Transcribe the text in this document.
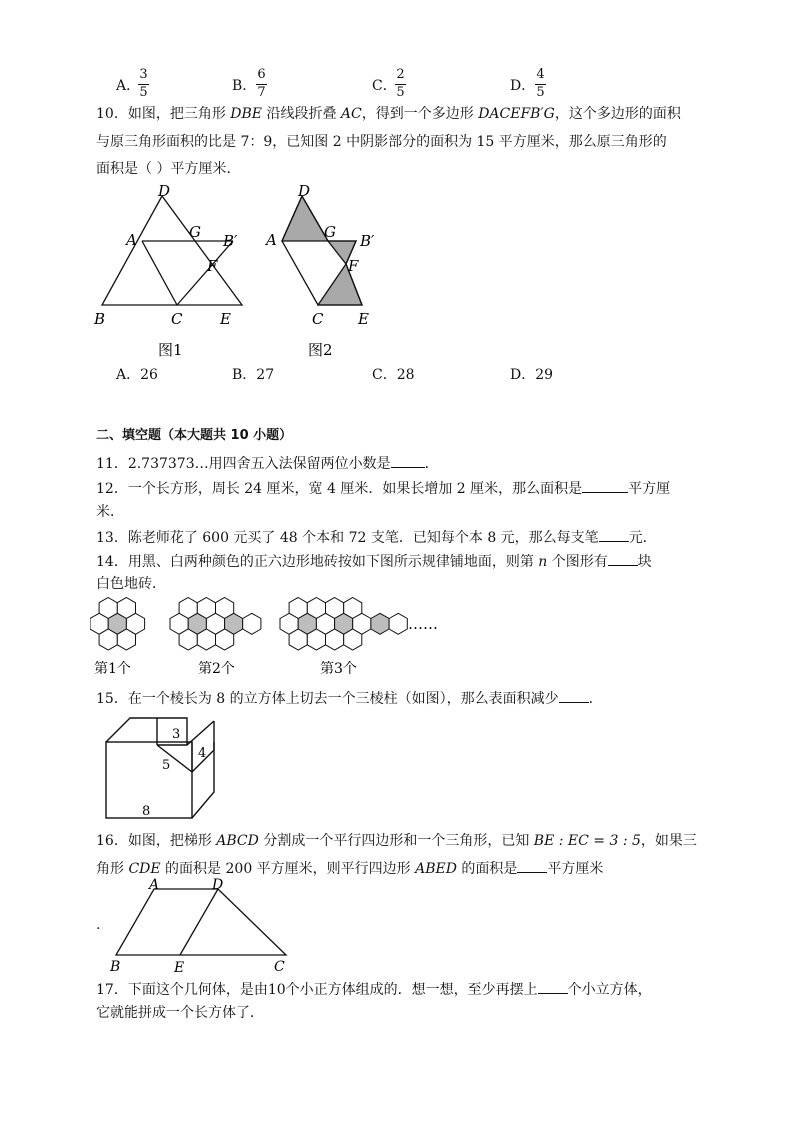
A．
3
5	B．
6
7	C．
2
5	D．
4
5
10．如图，把三角形 DBE 沿线段折叠 AC，得到一个多边形 DACEFB′G，这个多边形的面积
与原三角形面积的比是 7：9，已知图 2 中阴影部分的面积为 15 平方厘米，那么原三角形的
面积是（ ）平方厘米．
D
A	G B′
F
B	C	E
图1
D
A	G B′
F
C E
图2
A．26	B．27	C．28	D．29
二、填空题（本大题共 10 小题）
11．2.737373…用四舍五入法保留两位小数是 ．
12．一个长方形，周长 24 厘米，宽 4 厘米．如果长增加 2 厘米，那么面积是	平方厘
米．
13．陈老师花了 600 元买了 48 个本和 72 支笔．已知每个本 8 元，那么每支笔 元．
14．用黑、白两种颜色的正六边形地砖按如下图所示规律铺地面，则第 n 个图形有 块
白色地砖．
……
第1个	第2个	第3个
15．在一个棱长为 8 的立方体上切去一个三棱柱（如图），那么表面积减少 ．
3
4
5
8
16．如图，把梯形 ABCD 分割成一个平行四边形和一个三角形，已知 BE : EC = 3 : 5，如果三
角形 CDE 的面积是 200 平方厘米，则平行四边形 ABED 的面积是 平方厘米
.
A	D
B	E	C
17．下面这个几何体，是由10个小正方体组成的．想一想，至少再摆上 个小立方体，
它就能拼成一个长方体了．
